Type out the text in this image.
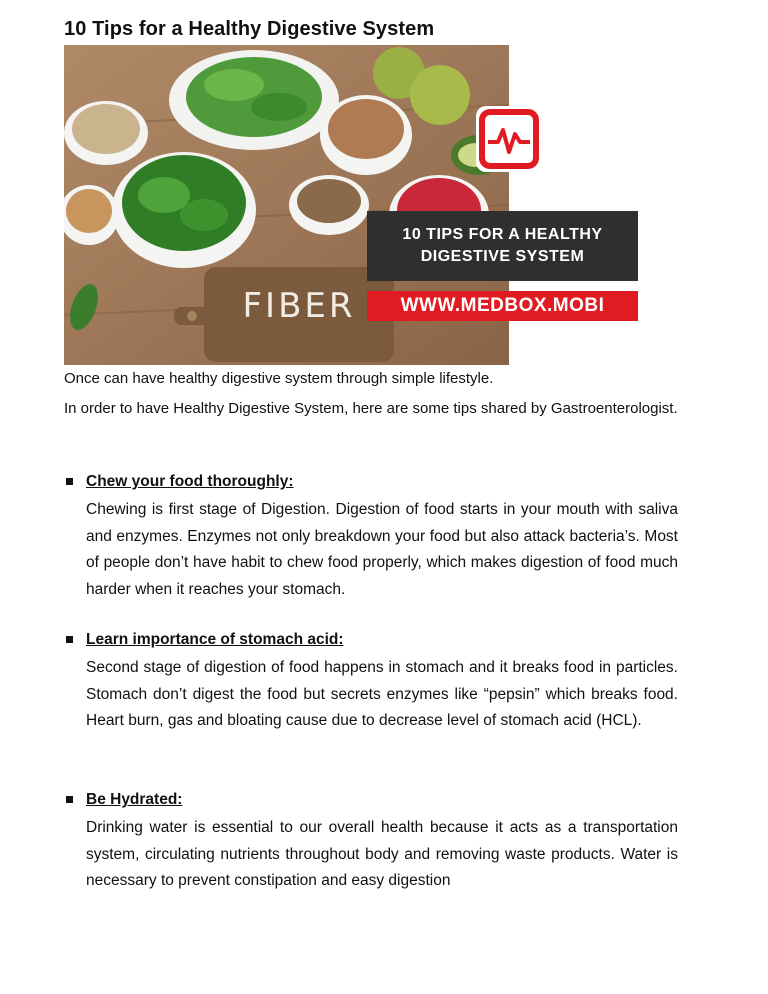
10 Tips for a Healthy Digestive System
FIBER
10 TIPS FOR A HEALTHY
DIGESTIVE SYSTEM
WWW.MEDBOX.MOBI
Once can have healthy digestive system through simple lifestyle.
In order to have Healthy Digestive System, here are some tips shared by Gastroenterologist.
Chew your food thoroughly:
Chewing is first stage of Digestion. Digestion of food starts in your mouth with saliva and enzymes. Enzymes not only breakdown your food but also attack bacteria’s. Most of people don’t have habit to chew food properly, which makes digestion of food much harder when it reaches your stomach.
Learn importance of stomach acid:
Second stage of digestion of food happens in stomach and it breaks food in particles. Stomach don’t digest the food but secrets enzymes like “pepsin” which breaks food. Heart burn, gas and bloating cause due to decrease level of stomach acid (HCL).
Be Hydrated:
Drinking water is essential to our overall health because it acts as a transportation system, circulating nutrients throughout body and removing waste products. Water is necessary to prevent constipation and easy digestion
